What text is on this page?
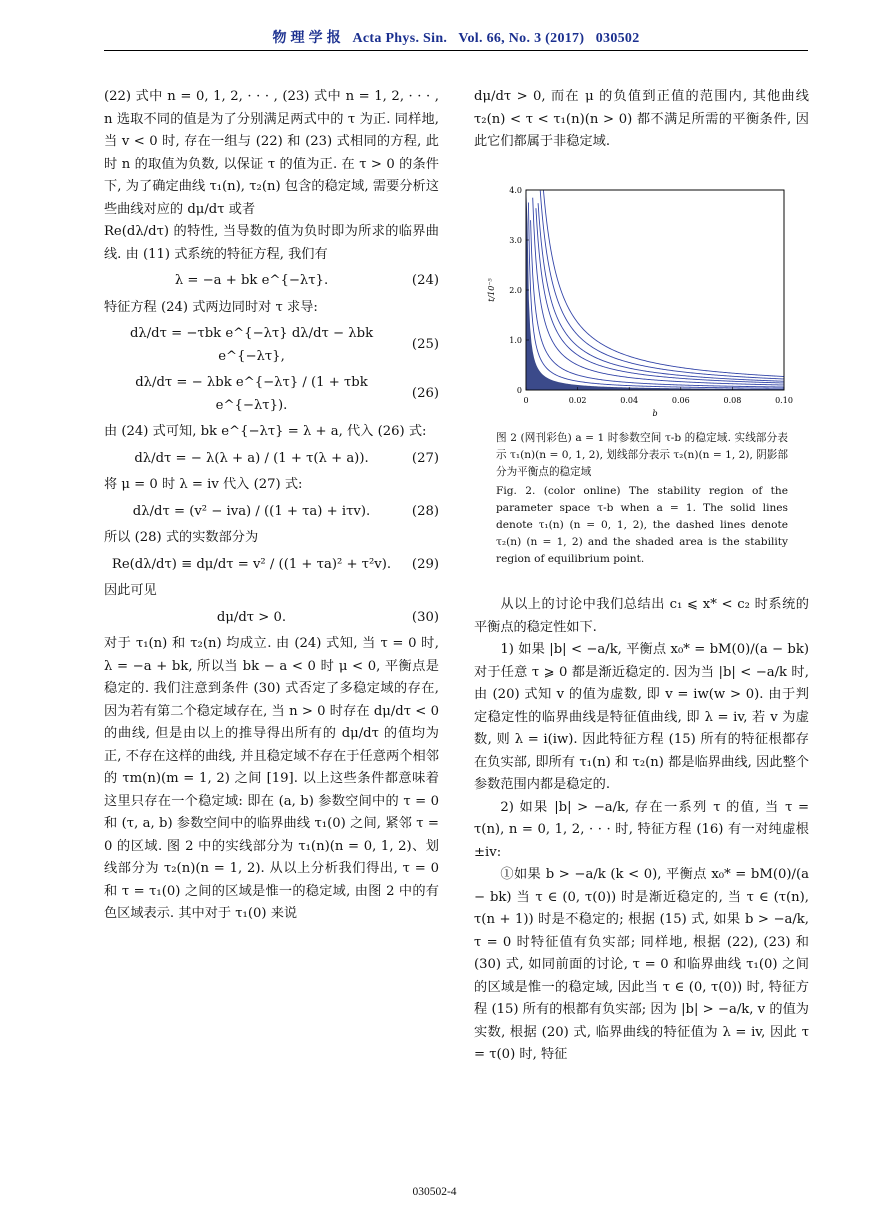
物 理 学 报 Acta Phys. Sin. Vol. 66, No. 3 (2017) 030502

(22) 式中 n = 0, 1, 2, · · · , (23) 式中 n = 1, 2, · · · , n 选取不同的值是为了分别满足两式中的 τ 为正. 同样地, 当 v < 0 时, 存在一组与 (22) 和 (23) 式相同的方程, 此时 n 的取值为负数, 以保证 τ 的值为正. 在 τ > 0 的条件下, 为了确定曲线 τ₁(n), τ₂(n) 包含的稳定域, 需要分析这些曲线对应的 dμ/dτ 或者

Re(dλ/dτ) 的特性, 当导数的值为负时即为所求的临界曲线. 由 (11) 式系统的特征方程, 我们有

λ = −a + bk e^{−λτ}.	(24)

特征方程 (24) 式两边同时对 τ 求导:

dλ/dτ = −τbk e^{−λτ} dλ/dτ − λbk e^{−λτ},
(25)
dλ/dτ = − λbk e^{−λτ} / (1 + τbk e^{−λτ}).
(26)

由 (24) 式可知, bk e^{−λτ} = λ + a, 代入 (26) 式:

dλ/dτ = − λ(λ + a) / (1 + τ(λ + a)).	(27)

将 μ = 0 时 λ = iv 代入 (27) 式:

dλ/dτ = (v² − iva) / ((1 + τa) + iτv).	(28)

所以 (28) 式的实数部分为

Re(dλ/dτ) ≡ dμ/dτ = v² / ((1 + τa)² + τ²v).	(29)

因此可见

dμ/dτ > 0.	(30)

对于 τ₁(n) 和 τ₂(n) 均成立. 由 (24) 式知, 当 τ = 0 时, λ = −a + bk, 所以当 bk − a < 0 时 μ < 0, 平衡点是稳定的. 我们注意到条件 (30) 式否定了多稳定域的存在, 因为若有第二个稳定域存在, 当 n > 0 时存在 dμ/dτ < 0 的曲线, 但是由以上的推导得出所有的 dμ/dτ 的值均为正, 不存在这样的曲线, 并且稳定域不存在于任意两个相邻的 τm(n)(m = 1, 2) 之间 [19]. 以上这些条件都意味着这里只存在一个稳定域: 即在 (a, b) 参数空间中的 τ = 0 和 (τ, a, b) 参数空间中的临界曲线 τ₁(0) 之间, 紧邻 τ = 0 的区域. 图 2 中的实线部分为 τ₁(n)(n = 0, 1, 2)、划线部分为 τ₂(n)(n = 1, 2). 从以上分析我们得出, τ = 0 和 τ = τ₁(0) 之间的区域是惟一的稳定域, 由图 2 中的有色区域表示. 其中对于 τ₁(0) 来说

dμ/dτ > 0, 而在 μ 的负值到正值的范围内, 其他曲线 τ₂(n) < τ < τ₁(n)(n > 0) 都不满足所需的平衡条件, 因此它们都属于非稳定域.

0	0.02	0.04	0.06	0.08	0.10
0
1.0
2.0
3.0
4.0
b
t/10⁻⁵

图 2 (网刊彩色) a = 1 时参数空间 τ-b 的稳定域. 实线部分表示 τ₁(n)(n = 0, 1, 2), 划线部分表示 τ₂(n)(n = 1, 2), 阴影部分为平衡点的稳定域

Fig. 2. (color online) The stability region of the parameter space τ-b when a = 1. The solid lines denote τ₁(n) (n = 0, 1, 2), the dashed lines denote τ₂(n) (n = 1, 2) and the shaded area is the stability region of equilibrium point.

从以上的讨论中我们总结出 c₁ ⩽ x* < c₂ 时系统的平衡点的稳定性如下.

1) 如果 |b| < −a/k, 平衡点 x₀* = bM(0)/(a − bk) 对于任意 τ ⩾ 0 都是渐近稳定的. 因为当 |b| < −a/k 时, 由 (20) 式知 v 的值为虚数, 即 v = iw(w > 0). 由于判定稳定性的临界曲线是特征值曲线, 即 λ = iv, 若 v 为虚数, 则 λ = i(iw). 因此特征方程 (15) 所有的特征根都存在负实部, 即所有 τ₁(n) 和 τ₂(n) 都是临界曲线, 因此整个参数范围内都是稳定的.

2) 如果 |b| > −a/k, 存在一系列 τ 的值, 当 τ = τ(n), n = 0, 1, 2, · · · 时, 特征方程 (16) 有一对纯虚根 ±iv:

①如果 b > −a/k (k < 0), 平衡点 x₀* = bM(0)/(a − bk) 当 τ ∈ (0, τ(0)) 时是渐近稳定的, 当 τ ∈ (τ(n), τ(n + 1)) 时是不稳定的; 根据 (15) 式, 如果 b > −a/k, τ = 0 时特征值有负实部; 同样地, 根据 (22), (23) 和 (30) 式, 如同前面的讨论, τ = 0 和临界曲线 τ₁(0) 之间的区域是惟一的稳定域, 因此当 τ ∈ (0, τ(0)) 时, 特征方程 (15) 所有的根都有负实部; 因为 |b| > −a/k, v 的值为实数, 根据 (20) 式, 临界曲线的特征值为 λ = iv, 因此 τ = τ(0) 时, 特征

030502-4
